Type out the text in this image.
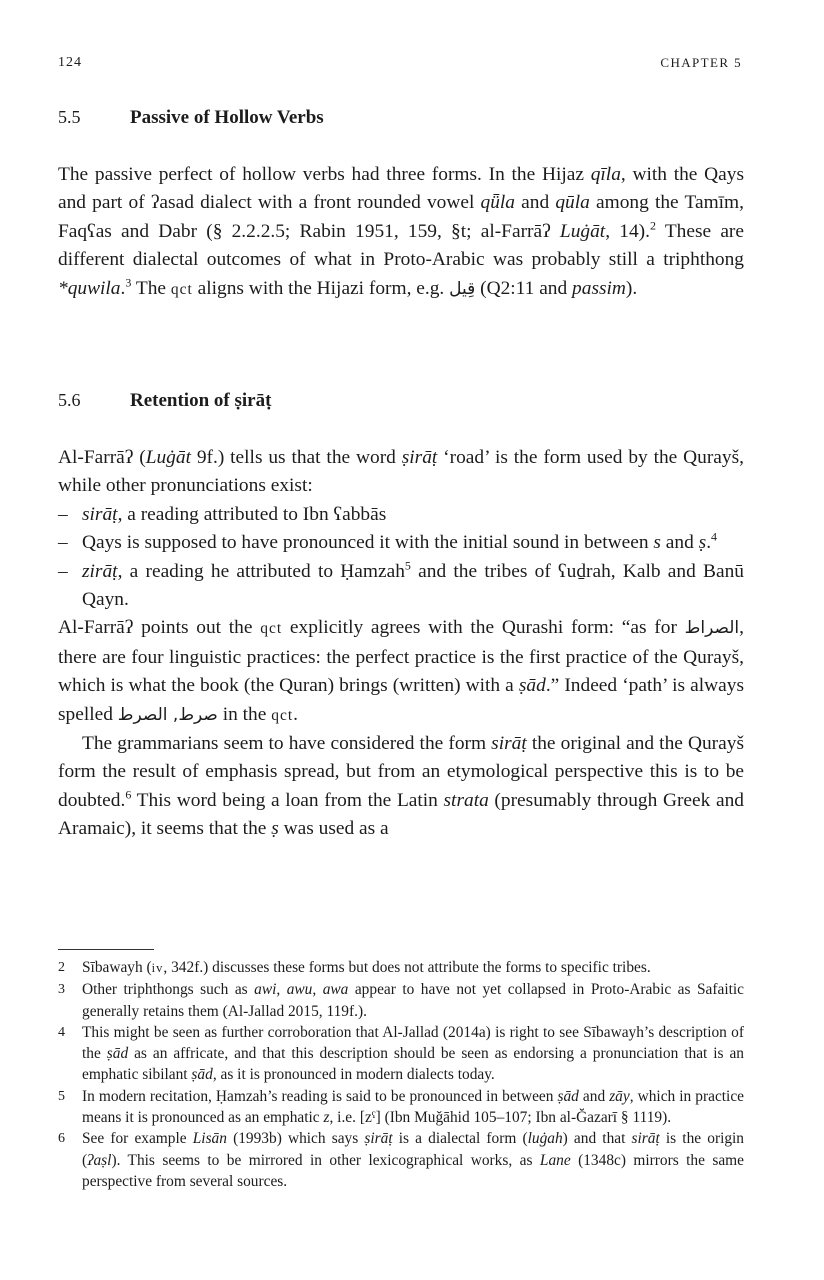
124	CHAPTER 5
5.5	Passive of Hollow Verbs

The passive perfect of hollow verbs had three forms. In the Hijaz qīla, with the Qays and part of ʔasad dialect with a front rounded vowel qǖla and qūla among the Tamīm, Faqʕas and Dabr (§ 2.2.2.5; Rabin 1951, 159, §t; al-Farrāʔ Luġāt, 14).$^2$ These are different dialectal outcomes of what in Proto-Arabic was probably still a triphthong *quwila.$^3$ The qct aligns with the Hijazi form, e.g. قِيل (Q2:11 and passim).

5.6	Retention of ṣirāṭ

Al-Farrāʔ (Luġāt 9f.) tells us that the word ṣirāṭ ‘road’ is the form used by the Qurayš, while other pronunciations exist:

– sirāṭ, a reading attributed to Ibn ʕabbās

– Qays is supposed to have pronounced it with the initial sound in between s and ṣ.$^4$

– zirāṭ, a reading he attributed to Ḥamzah$^5$ and the tribes of ʕuḏrah, Kalb and Banū Qayn.

Al-Farrāʔ points out the qct explicitly agrees with the Qurashi form: “as for الصراط, there are four linguistic practices: the perfect practice is the first practice of the Qurayš, which is what the book (the Quran) brings (written) with a ṣād.” Indeed ‘path’ is always spelled صرط, الصرط in the qct.

The grammarians seem to have considered the form sirāṭ the original and the Qurayš form the result of emphasis spread, but from an etymological perspective this is to be doubted.$^6$ This word being a loan from the Latin strata (presumably through Greek and Aramaic), it seems that the ṣ was used as a

2 Sībawayh (iv, 342f.) discusses these forms but does not attribute the forms to specific tribes.

3 Other triphthongs such as awi, awu, awa appear to have not yet collapsed in Proto-Arabic as Safaitic generally retains them (Al-Jallad 2015, 119f.).

4 This might be seen as further corroboration that Al-Jallad (2014a) is right to see Sībawayh’s description of the ṣād as an affricate, and that this description should be seen as endorsing a pronunciation that is an emphatic sibilant ṣād, as it is pronounced in modern dialects today.

5 In modern recitation, Ḥamzah’s reading is said to be pronounced in between ṣād and zāy, which in practice means it is pronounced as an emphatic z, i.e. [zˤ] (Ibn Muǧāhid 105–107; Ibn al-Ğazarī § 1119).

6 See for example Lisān (1993b) which says ṣirāṭ is a dialectal form (luġah) and that sirāṭ is the origin (ʔaṣl). This seems to be mirrored in other lexicographical works, as Lane (1348c) mirrors the same perspective from several sources.
